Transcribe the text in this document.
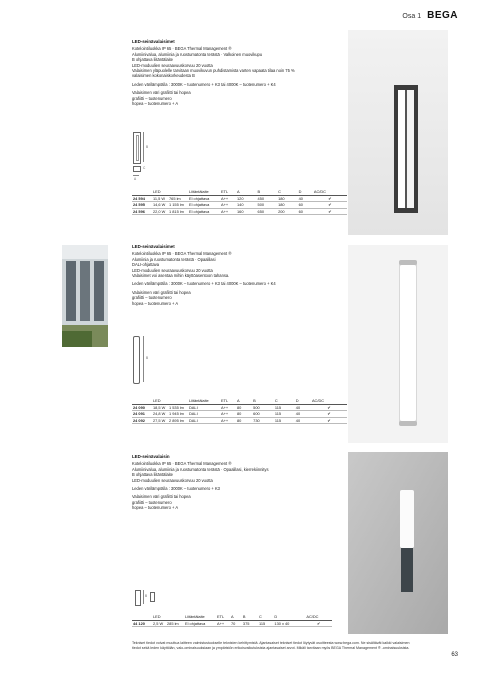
Osa 1 BEGA
LED-seinävalaisimet
Kotelointiluokka IP 65 · BEGA Thermal Management ®
Alumiinivalua, alumiinia ja ruostumatonta terästä · Valkoinen muovikupu
B ohjattava liitäntälaite
LED-moduulien seuraavuuskorvuu 20 vuotta
Valaisimen yläpuolelle tarvitaan muovikuvun puhdistamista varten vapaata tilaa noin 75 %
valaisimen kokonaiskorkeudesta B
Leden värilämpötila : 3000K – tuotenumero + K3 tai 4000K – tuotenumero + K4
Valaisimen väri grafiitti tai hopea
grafiitti – tuotenumero
hopea – tuotenumero + A
B
C
A
	LED		Liitäntälaite	ETL	A	B	C	D	AC/DC
24 594	11,5 W	765 lm	El ohjattava	A++	120	450	180	40	✔
24 595	14,6 W	1 155 lm	El ohjattava	A++	140	500	180	60	✔
24 596	22,0 W	1 815 lm	El ohjattava	A++	160	650	200	60	✔
LED-seinävalaisimet
Kotelointiluokka IP 65 · BEGA Thermal Management ®
Alumiinia ja ruostumatonta terästä · Opaalilasi
DALI-ohjattava
LED-moduulien seuraavuuskorvuu 20 vuotta
Valaisimet voi asentaa mihin käyttöasentoon tahansa.
Leden värilämpötila : 3000K – tuotenumero + K3 tai 4000K – tuotenumero + K4
Valaisimen väri grafiitti tai hopea
grafiitti – tuotenumero
hopea – tuotenumero + A
B
	LED		Liitäntälaite	ETL	A	B	C	D	AC/DC
24 090	18,5 W	1 535 lm	DALI	A++	80	500	115	40	✔
24 091	24,8 W	1 945 lm	DALI	A++	80	600	115	40	✔
24 092	27,5 W	2 895 lm	DALI	A++	80	730	115	40	✔
LED-seinävalaisin
Kotelointiluokka IP 65 · BEGA Thermal Management ®
Alumiinivalua, alumiinia ja ruostumatonta terästä · Opaalilasi, kierrekiinnitys
B ohjattava liitäntälaite
LED-moduulien seuraavuuskorvuu 20 vuotta
Leden värilämpötila : 3000K – tuotenumero + K3
Valaisimen väri grafiitti tai hopea
grafiitti – tuotenumero
hopea – tuotenumero + A
B
	LED		Liitäntälaite	ETL	A	B	C	D	AC/DC
44 120	2,5 W	285 lm	El ohjattava	A++	70	375	115	130 x 40	✔
Tekniset tiedot voivat muuttua laitteen valmistustuokselle teknisten kehittymistä. Ajantasaiset tekniset tiedot löytyvät osoitteesta www.bega.com. Ne sisältävät kaikki valaisimen tiedot sekä leden käyttöiän, valo-ominaisuuksiaan ja ympäristön erikoisvaikutuksista ajantasaiset arvot. Mikäli tarvitaan myös BEGA Thermal Management ® -ominaisuuksista.
63
